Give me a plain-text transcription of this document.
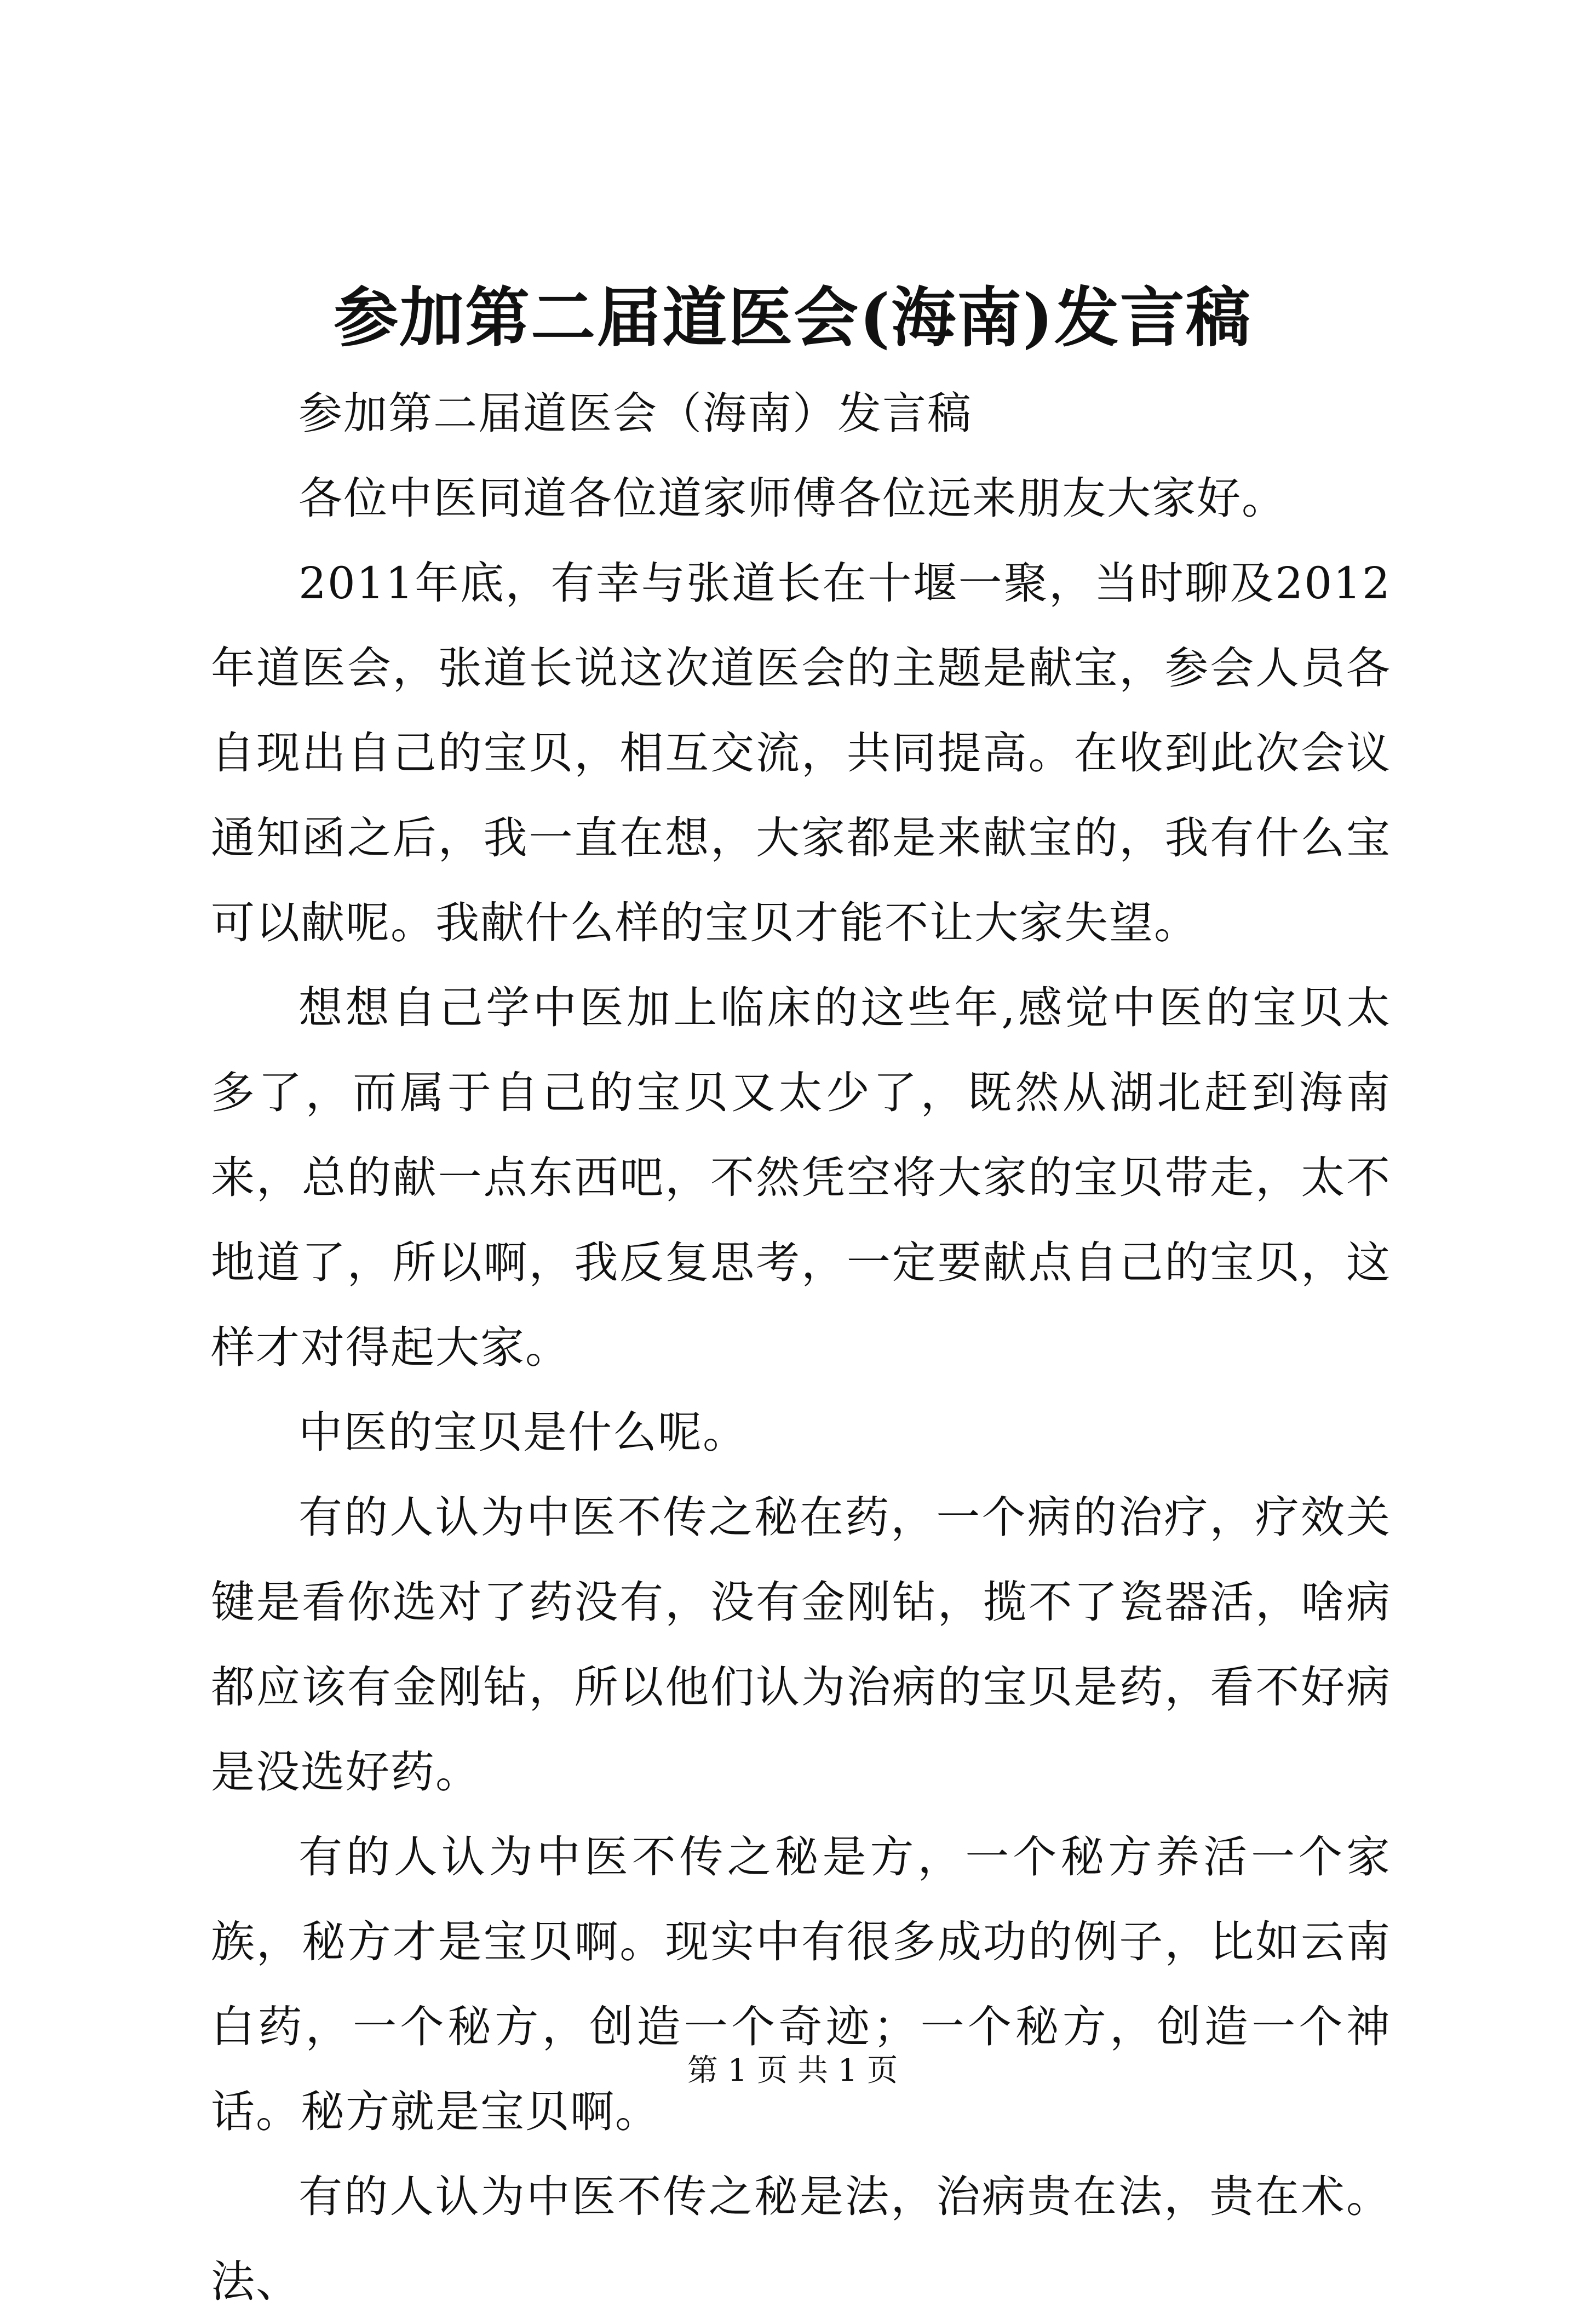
参加第二届道医会(海南)发言稿

参加第二届道医会（海南）发言稿

各位中医同道各位道家师傅各位远来朋友大家好。

2011年底，有幸与张道长在十堰一聚，当时聊及2012年道医会，张道长说这次道医会的主题是献宝，参会人员各自现出自己的宝贝，相互交流，共同提高。在收到此次会议通知函之后，我一直在想，大家都是来献宝的，我有什么宝可以献呢。我献什么样的宝贝才能不让大家失望。

想想自己学中医加上临床的这些年,感觉中医的宝贝太多了，而属于自己的宝贝又太少了，既然从湖北赶到海南来，总的献一点东西吧，不然凭空将大家的宝贝带走，太不地道了，所以啊，我反复思考，一定要献点自己的宝贝，这样才对得起大家。

中医的宝贝是什么呢。

有的人认为中医不传之秘在药，一个病的治疗，疗效关键是看你选对了药没有，没有金刚钻，揽不了瓷器活，啥病都应该有金刚钻，所以他们认为治病的宝贝是药，看不好病是没选好药。

有的人认为中医不传之秘是方，一个秘方养活一个家族，秘方才是宝贝啊。现实中有很多成功的例子，比如云南白药，一个秘方，创造一个奇迹；一个秘方，创造一个神话。秘方就是宝贝啊。

有的人认为中医不传之秘是法，治病贵在法，贵在术。法、

第 1 页 共 1 页
